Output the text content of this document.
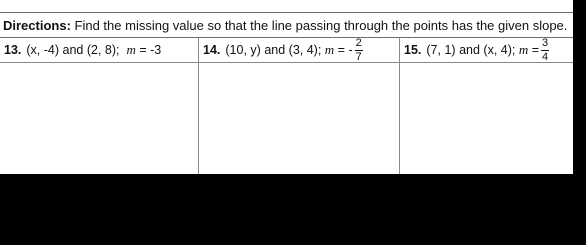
Directions: Find the missing value so that the line passing through the points has the given slope.
13. (x, -4)
and
(2, 8);
m
=
-3	14. (10, y)
and
(3, 4);
m
=
- $\frac{2}{7}$	15. (7, 1)
and
(x, 4);
m
= $\frac{3}{4}$
